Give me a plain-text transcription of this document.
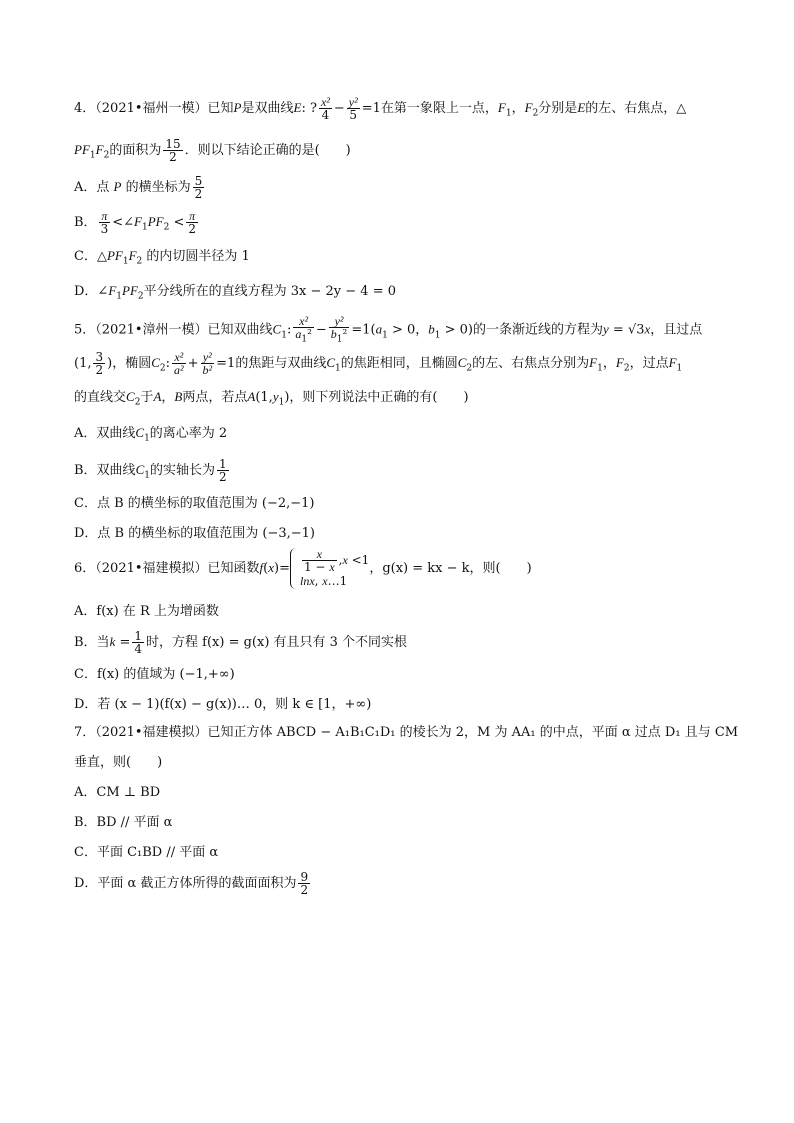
4．（2021•福州一模）已知P是双曲线E: ? $\frac{\text{x²}}{4} - \frac{\text{y²}}{5} =1$在第一象限上一点，$F_1$，$F_2$分别是E的左、右焦点，△
$PF_1F_2$的面积为 $\frac{15}{2}$ ．则以下结论正确的是(　　)
A．点 P 的横坐标为 $\frac{5}{2}$
B． $\frac{\pi}{3}$ $<\angle F_1PF_2 < \frac{\pi}{2}$
C．$\triangle PF_1F_2$ 的内切圆半径为 1
D．$\angle F_1PF_2$平分线所在的直线方程为 3x − 2y − 4 = 0
5．（2021•漳州一模）已知双曲线$C_1$: $\frac{\text{x²}}{a_1^2} - \frac{\text{y²}}{b_1^2} =1(a_1 > 0$，$b_1 > 0$)的一条渐近线的方程为y = √3x，且过点
(1, $\frac{3}{2}$ )，椭圆$C_2$: $\frac{\text{x²}}{\text{a²}} + \frac{\text{y²}}{\text{b²}} =1$的焦距与双曲线$C_1$的焦距相同，且椭圆$C_2$的左、右焦点分别为$F_1$，$F_2$，过点$F_1$
的直线交$C_2$于A，B两点，若点$A(1,y_1)$，则下列说法中正确的有(　　)
A．双曲线$C_1$的离心率为 2
B．双曲线$C_1$的实轴长为 $\frac{1}{2}$
C．点 B 的横坐标的取值范围为 (−2,−1)
D．点 B 的横坐标的取值范围为 (−3,−1)
6．（2021•福建模拟）已知函数$f(x)= \frac{x}{1 - x} ,x <1$
lnx, x…1
，g(x) = kx − k，则(　　)
A．f(x) 在 R 上为增函数
B．当$k = \frac{1}{4}$ 时，方程 f(x) = g(x) 有且只有 3 个不同实根
C．f(x) 的值域为 (−1,+∞)
D．若 (x − 1)(f(x) − g(x))… 0，则 k ∈ [1，+∞)
7．（2021•福建模拟）已知正方体 ABCD − A₁B₁C₁D₁ 的棱长为 2，M 为 AA₁ 的中点，平面 α 过点 D₁ 且与 CM
垂直，则(　　)
A．CM ⊥ BD
B．BD // 平面 α
C．平面 C₁BD // 平面 α
D．平面 α 截正方体所得的截面面积为 $\frac{9}{2}$
